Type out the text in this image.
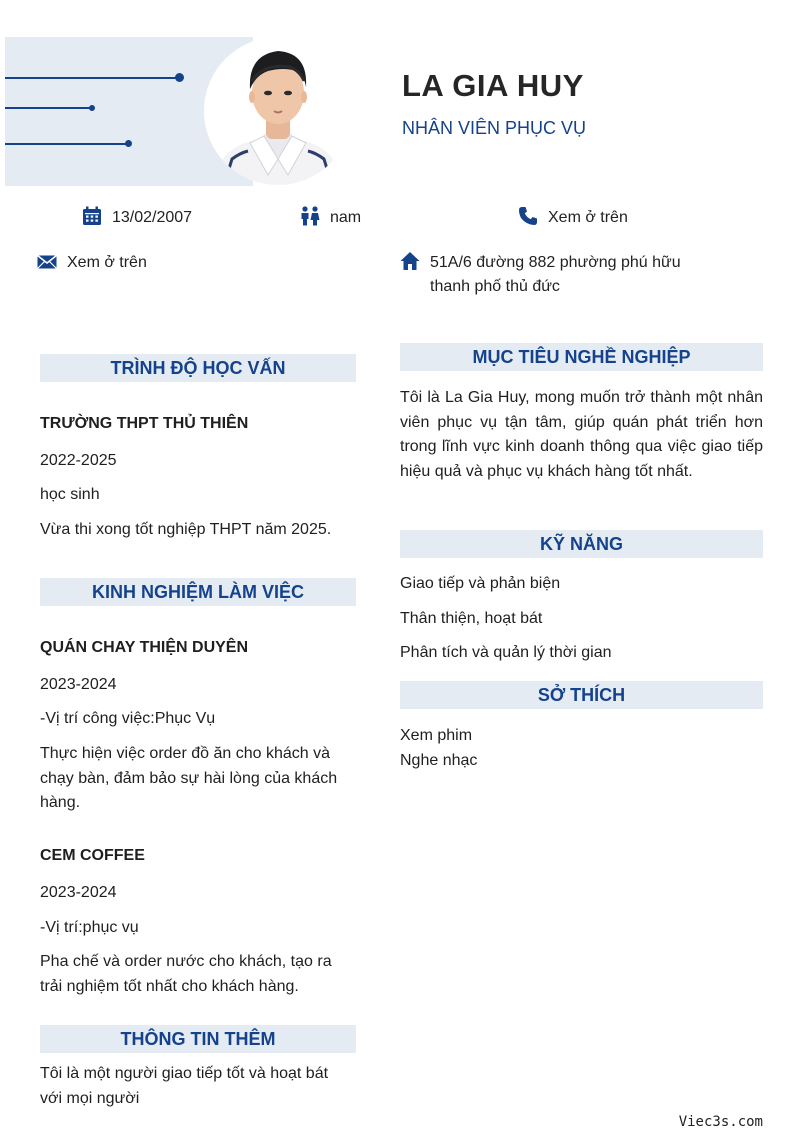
LA GIA HUY
NHÂN VIÊN PHỤC VỤ
13/02/2007	nam	Xem ở trên
Xem ở trên	51A/6 đường 882 phường phú hữu
thanh phố thủ đức
TRÌNH ĐỘ HỌC VẤN
TRƯỜNG THPT THỦ THIÊN
2022-2025
học sinh
Vừa thi xong tốt nghiệp THPT năm 2025.
KINH NGHIỆM LÀM VIỆC
QUÁN CHAY THIỆN DUYÊN
2023-2024
-Vị trí công việc:Phục Vụ
Thực hiện việc order đồ ăn cho khách và
chạy bàn, đảm bảo sự hài lòng của khách
hàng.
CEM COFFEE
2023-2024
-Vị trí:phục vụ
Pha chế và order nước cho khách, tạo ra
trải nghiệm tốt nhất cho khách hàng.
THÔNG TIN THÊM
Tôi là một người giao tiếp tốt và hoạt bát
với mọi người
MỤC TIÊU NGHỀ NGHIỆP
Tôi là La Gia Huy, mong muốn trở thành một nhân viên phục vụ tận tâm, giúp quán phát triển hơn trong lĩnh vực kinh doanh thông qua việc giao tiếp hiệu quả và phục vụ khách hàng tốt nhất.
KỸ NĂNG
Giao tiếp và phản biện
Thân thiện, hoạt bát
Phân tích và quản lý thời gian
SỞ THÍCH
Xem phim
Nghe nhạc
Viec3s.com
